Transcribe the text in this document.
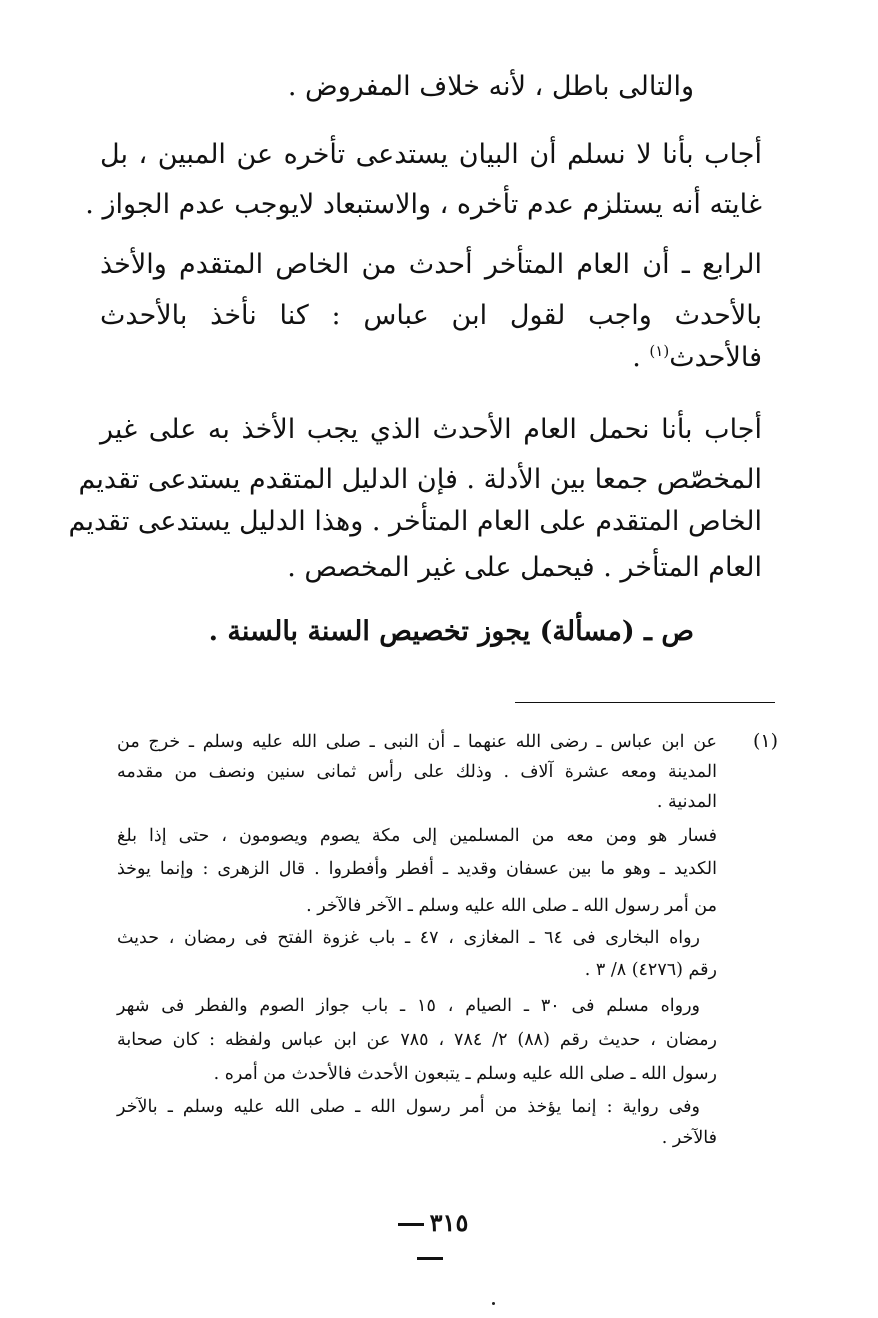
والتالى باطل ، لأنه خلاف المفروض .
أجاب بأنا لا نسلم أن البيان يستدعى تأخره عن المبين ، بل
غايته أنه يستلزم عدم تأخره ، والاستبعاد لايوجب عدم الجواز .
الرابع ـ أن العام المتأخر أحدث من الخاص المتقدم والأخذ
بالأحدث واجب لقول ابن عباس : كنا نأخذ بالأحدث
فالأحدث$^{(١)}$ .
أجاب بأنا نحمل العام الأحدث الذي يجب الأخذ به على غير
المخصّص جمعا بين الأدلة . فإن الدليل المتقدم يستدعى تقديم
الخاص المتقدم على العام المتأخر . وهذا الدليل يستدعى تقديم
العام المتأخر . فيحمل على غير المخصص .
ص ـ (مسألة) يجوز تخصيص السنة بالسنة .
(١)
عن ابن عباس ـ رضى الله عنهما ـ أن النبى ـ صلى الله عليه وسلم ـ خرج من
المدينة ومعه عشرة آلاف . وذلك على رأس ثمانى سنين ونصف من مقدمه
المدنية .
فسار هو ومن معه من المسلمين إلى مكة يصوم ويصومون ، حتى إذا بلغ
الكديد ـ وهو ما بين عسفان وقديد ـ أفطر وأفطروا . قال الزهرى : وإنما يوخذ
من أمر رسول الله ـ صلى الله عليه وسلم ـ الآخر فالآخر .
رواه البخارى فى ٦٤ ـ المغازى ، ٤٧ ـ باب غزوة الفتح فى رمضان ، حديث
رقم (٤٢٧٦) ٨/ ٣ .
ورواه مسلم فى ٣٠ ـ الصيام ، ١٥ ـ باب جواز الصوم والفطر فى شهر
رمضان ، حديث رقم (٨٨) ٢/ ٧٨٤ ، ٧٨٥ عن ابن عباس ولفظه : كان صحابة
رسول الله ـ صلى الله عليه وسلم ـ يتبعون الأحدث فالأحدث من أمره .
وفى رواية : إنما يؤخذ من أمر رسول الله ـ صلى الله عليه وسلم ـ بالآخر
فالآخر .
٣١٥
